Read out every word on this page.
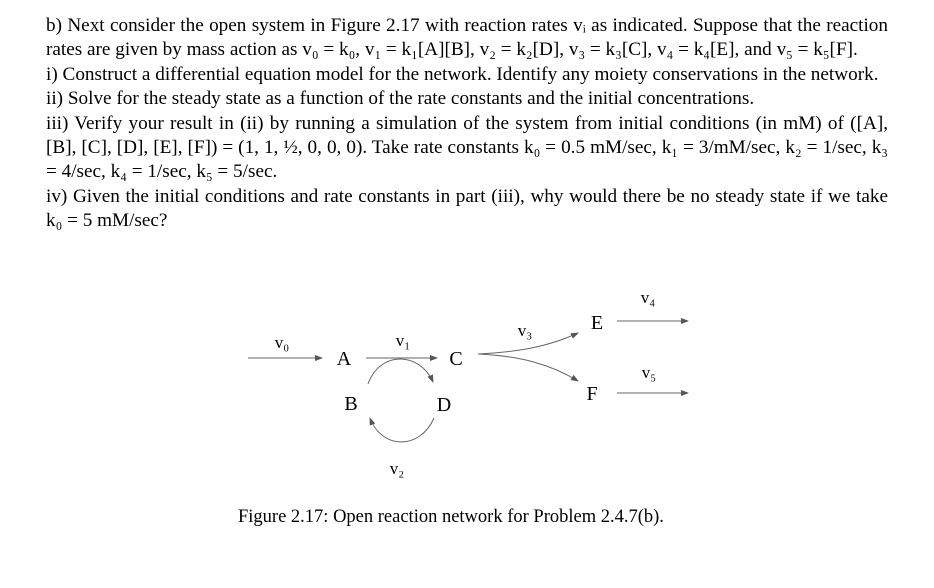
b) Next consider the open system in Figure 2.17 with reaction rates vᵢ as indicated. Suppose that the reaction rates are given by mass action as v₀ = k₀, v₁ = k₁[A][B], v₂ = k₂[D], v₃ = k₃[C], v₄ = k₄[E], and v₅ = k₅[F].

i) Construct a differential equation model for the network. Identify any moiety conservations in the network.

ii) Solve for the steady state as a function of the rate constants and the initial concentrations.

iii) Verify your result in (ii) by running a simulation of the system from initial conditions (in mM) of ([A], [B], [C], [D], [E], [F]) = (1, 1, ½, 0, 0, 0). Take rate constants k₀ = 0.5 mM/sec, k₁ = 3/mM/sec, k₂ = 1/sec, k₃ = 4/sec, k₄ = 1/sec, k₅ = 5/sec.

iv) Given the initial conditions and rate constants in part (iii), why would there be no steady state if we take k₀ = 5 mM/sec?

A	C
B	D
E
F
v₀	v₁
v₂
v₃
v₄
v₅
Figure 2.17: Open reaction network for Problem 2.4.7(b).
